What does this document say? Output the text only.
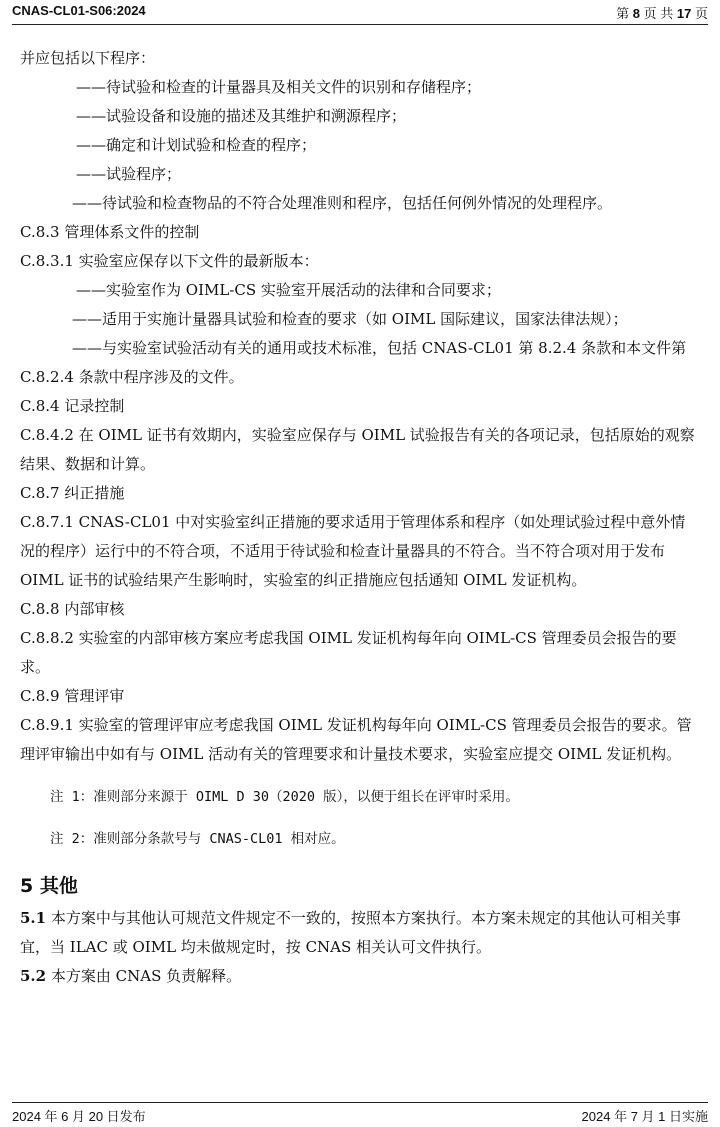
CNAS-CL01-S06:2024	第 8 页 共 17 页

并应包括以下程序：

——待试验和检查的计量器具及相关文件的识别和存储程序；

——试验设备和设施的描述及其维护和溯源程序；

——确定和计划试验和检查的程序；

——试验程序；

——待试验和检查物品的不符合处理准则和程序，包括任何例外情况的处理程序。

C.8.3 管理体系文件的控制

C.8.3.1 实验室应保存以下文件的最新版本：

——实验室作为 OIML-CS 实验室开展活动的法律和合同要求；

——适用于实施计量器具试验和检查的要求（如 OIML 国际建议，国家法律法规）；

——与实验室试验活动有关的通用或技术标准，包括 CNAS-CL01 第 8.2.4 条款和本文件第 C.8.2.4 条款中程序涉及的文件。

C.8.4 记录控制

C.8.4.2 在 OIML 证书有效期内，实验室应保存与 OIML 试验报告有关的各项记录，包括原始的观察结果、数据和计算。

C.8.7 纠正措施

C.8.7.1 CNAS-CL01 中对实验室纠正措施的要求适用于管理体系和程序（如处理试验过程中意外情况的程序）运行中的不符合项，不适用于待试验和检查计量器具的不符合。当不符合项对用于发布 OIML 证书的试验结果产生影响时，实验室的纠正措施应包括通知 OIML 发证机构。

C.8.8 内部审核

C.8.8.2 实验室的内部审核方案应考虑我国 OIML 发证机构每年向 OIML-CS 管理委员会报告的要求。

C.8.9 管理评审

C.8.9.1 实验室的管理评审应考虑我国 OIML 发证机构每年向 OIML-CS 管理委员会报告的要求。管理评审输出中如有与 OIML 活动有关的管理要求和计量技术要求，实验室应提交 OIML 发证机构。

注 1：准则部分来源于 OIML D 30（2020 版），以便于组长在评审时采用。

注 2：准则部分条款号与 CNAS-CL01 相对应。

5 其他

5.1 本方案中与其他认可规范文件规定不一致的，按照本方案执行。本方案未规定的其他认可相关事宜，当 ILAC 或 OIML 均未做规定时，按 CNAS 相关认可文件执行。

5.2 本方案由 CNAS 负责解释。

2024 年 6 月 20 日发布	2024 年 7 月 1 日实施
